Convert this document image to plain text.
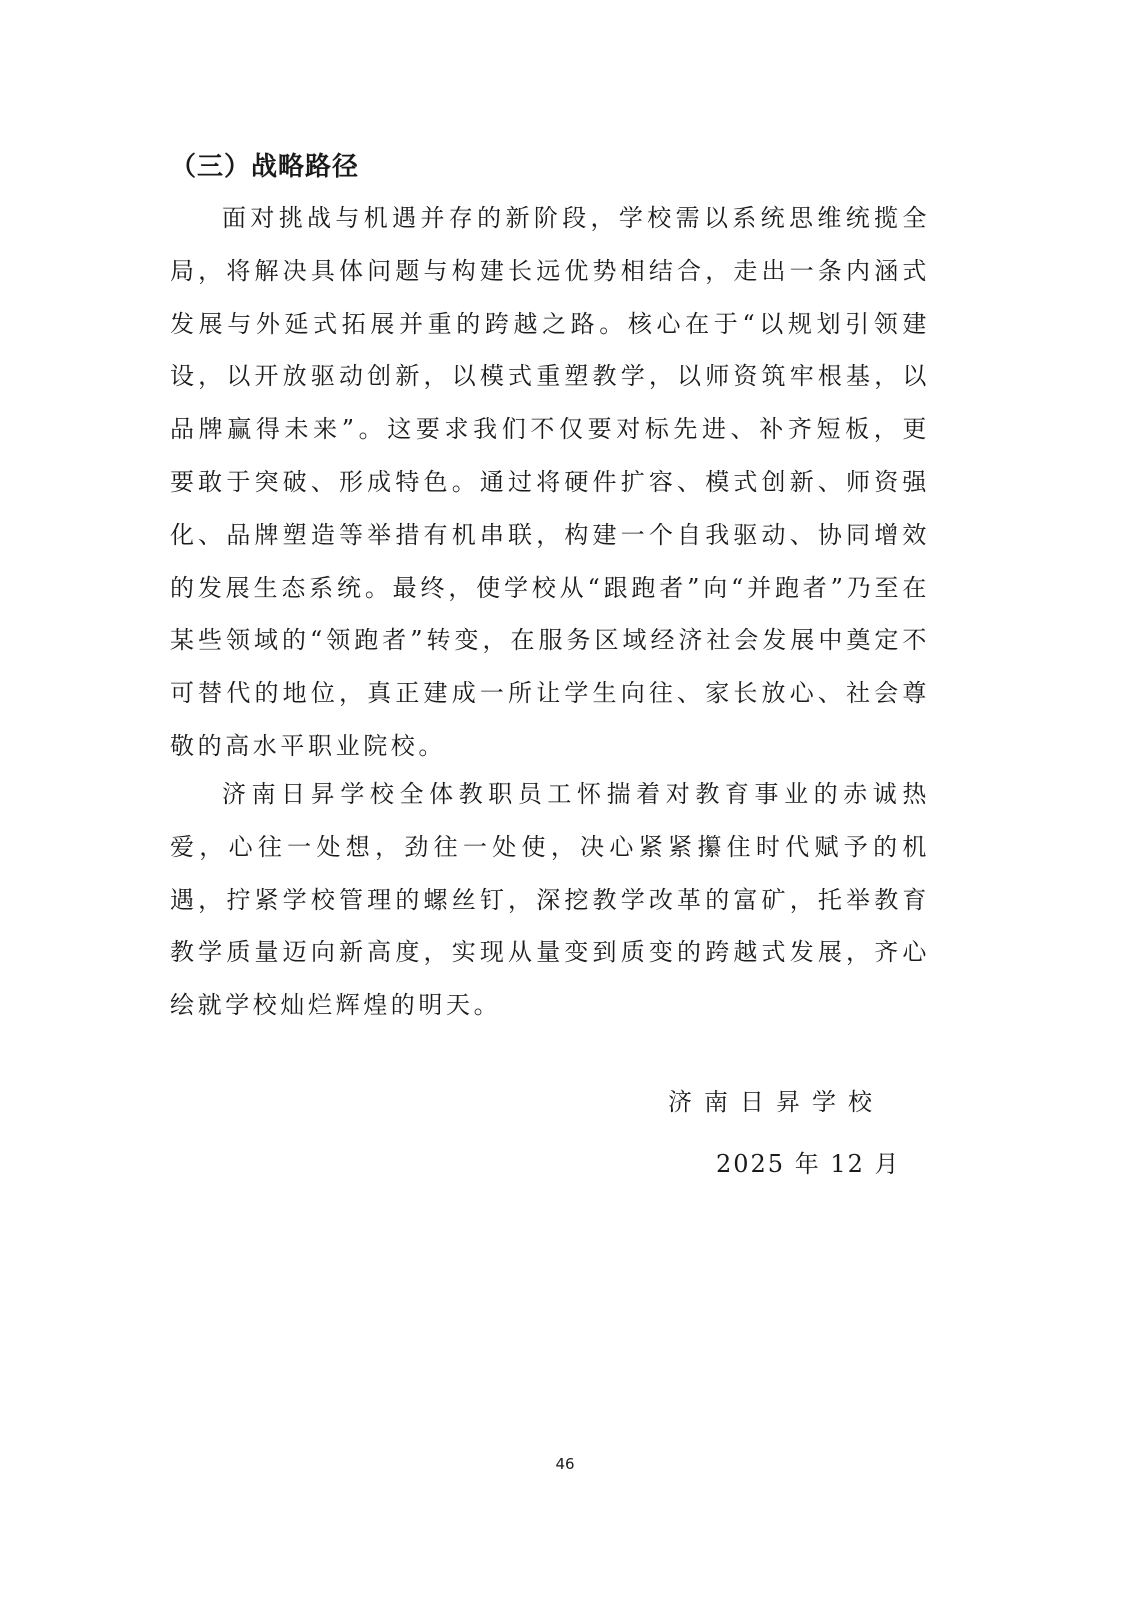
（三）战略路径

面对挑战与机遇并存的新阶段，学校需以系统思维统揽全局，将解决具体问题与构建长远优势相结合，走出一条内涵式发展与外延式拓展并重的跨越之路。核心在于“以规划引领建设，以开放驱动创新，以模式重塑教学，以师资筑牢根基，以品牌赢得未来”。这要求我们不仅要对标先进、补齐短板，更要敢于突破、形成特色。通过将硬件扩容、模式创新、师资强化、品牌塑造等举措有机串联，构建一个自我驱动、协同增效的发展生态系统。最终，使学校从“跟跑者”向“并跑者”乃至在某些领域的“领跑者”转变，在服务区域经济社会发展中奠定不可替代的地位，真正建成一所让学生向往、家长放心、社会尊敬的高水平职业院校。

济南日昇学校全体教职员工怀揣着对教育事业的赤诚热爱，心往一处想，劲往一处使，决心紧紧攥住时代赋予的机遇，拧紧学校管理的螺丝钉，深挖教学改革的富矿，托举教育教学质量迈向新高度，实现从量变到质变的跨越式发展，齐心绘就学校灿烂辉煌的明天。

济南日昇学校
2025 年 12 月
46
